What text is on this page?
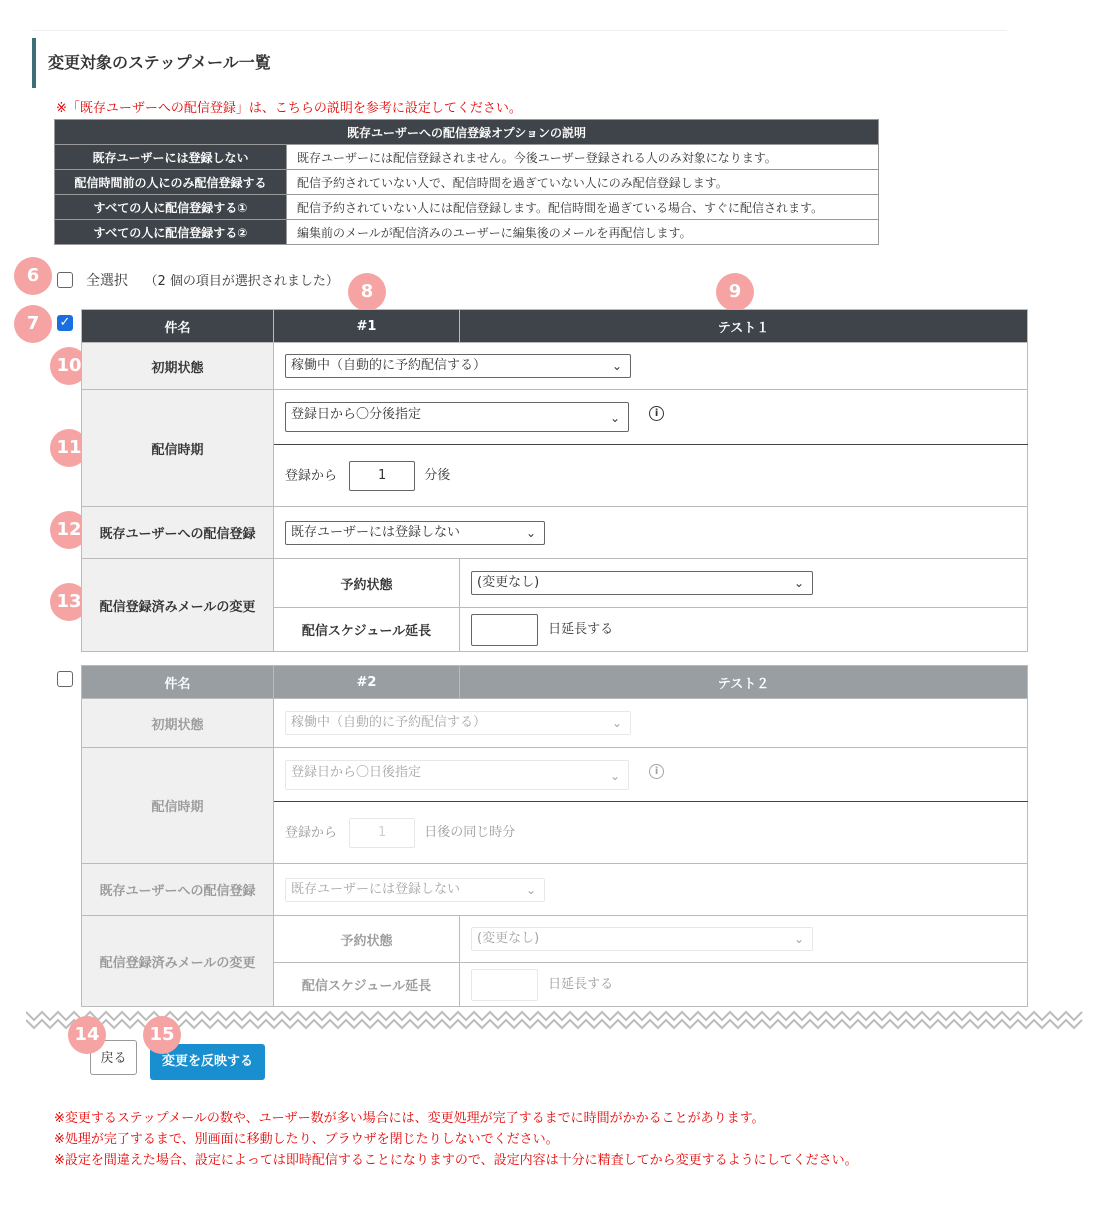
変更対象のステップメール一覧
※「既存ユーザーへの配信登録」は、こちらの説明を参考に設定してください。
既存ユーザーへの配信登録オプションの説明	
既存ユーザーには登録しない	既存ユーザーには配信登録されません。今後ユーザー登録される人のみ対象になります。
配信時間前の人にのみ配信登録する	配信予約されていない人で、配信時間を過ぎていない人にのみ配信登録します。
すべての人に配信登録する①	配信予約されていない人には配信登録します。配信時間を過ぎている場合、すぐに配信されます。
すべての人に配信登録する②	編集前のメールが配信済みのユーザーに編集後のメールを再配信します。
全選択 （2 個の項目が選択されました）
6
7
8	9
10
11
12
13
✓	件名	#1	テスト１
初期状態	稼働中（自動的に予約配信する） ⌄	

配信時期	登録日から〇分後指定 ⌄ i	
	登録から 1 分後	
既存ユーザーへの配信登録	既存ユーザーには登録しない ⌄	

配信登録済みメールの変更	予約状態	(変更なし) ⌄

	配信スケジュール延長	日延長する
件名	#2	テスト２
初期状態	稼働中（自動的に予約配信する） ⌄	

配信時期	登録日から〇日後指定 ⌄ i	
	登録から 1 日後の同じ時分	
既存ユーザーへの配信登録	既存ユーザーには登録しない ⌄	

配信登録済みメールの変更	予約状態	(変更なし) ⌄

	配信スケジュール延長	日延長する
戻る	変更を反映する
14	15
※変更するステップメールの数や、ユーザー数が多い場合には、変更処理が完了するまでに時間がかかることがあります。
※処理が完了するまで、別画面に移動したり、ブラウザを閉じたりしないでください。
※設定を間違えた場合、設定によっては即時配信することになりますので、設定内容は十分に精査してから変更するようにしてください。
